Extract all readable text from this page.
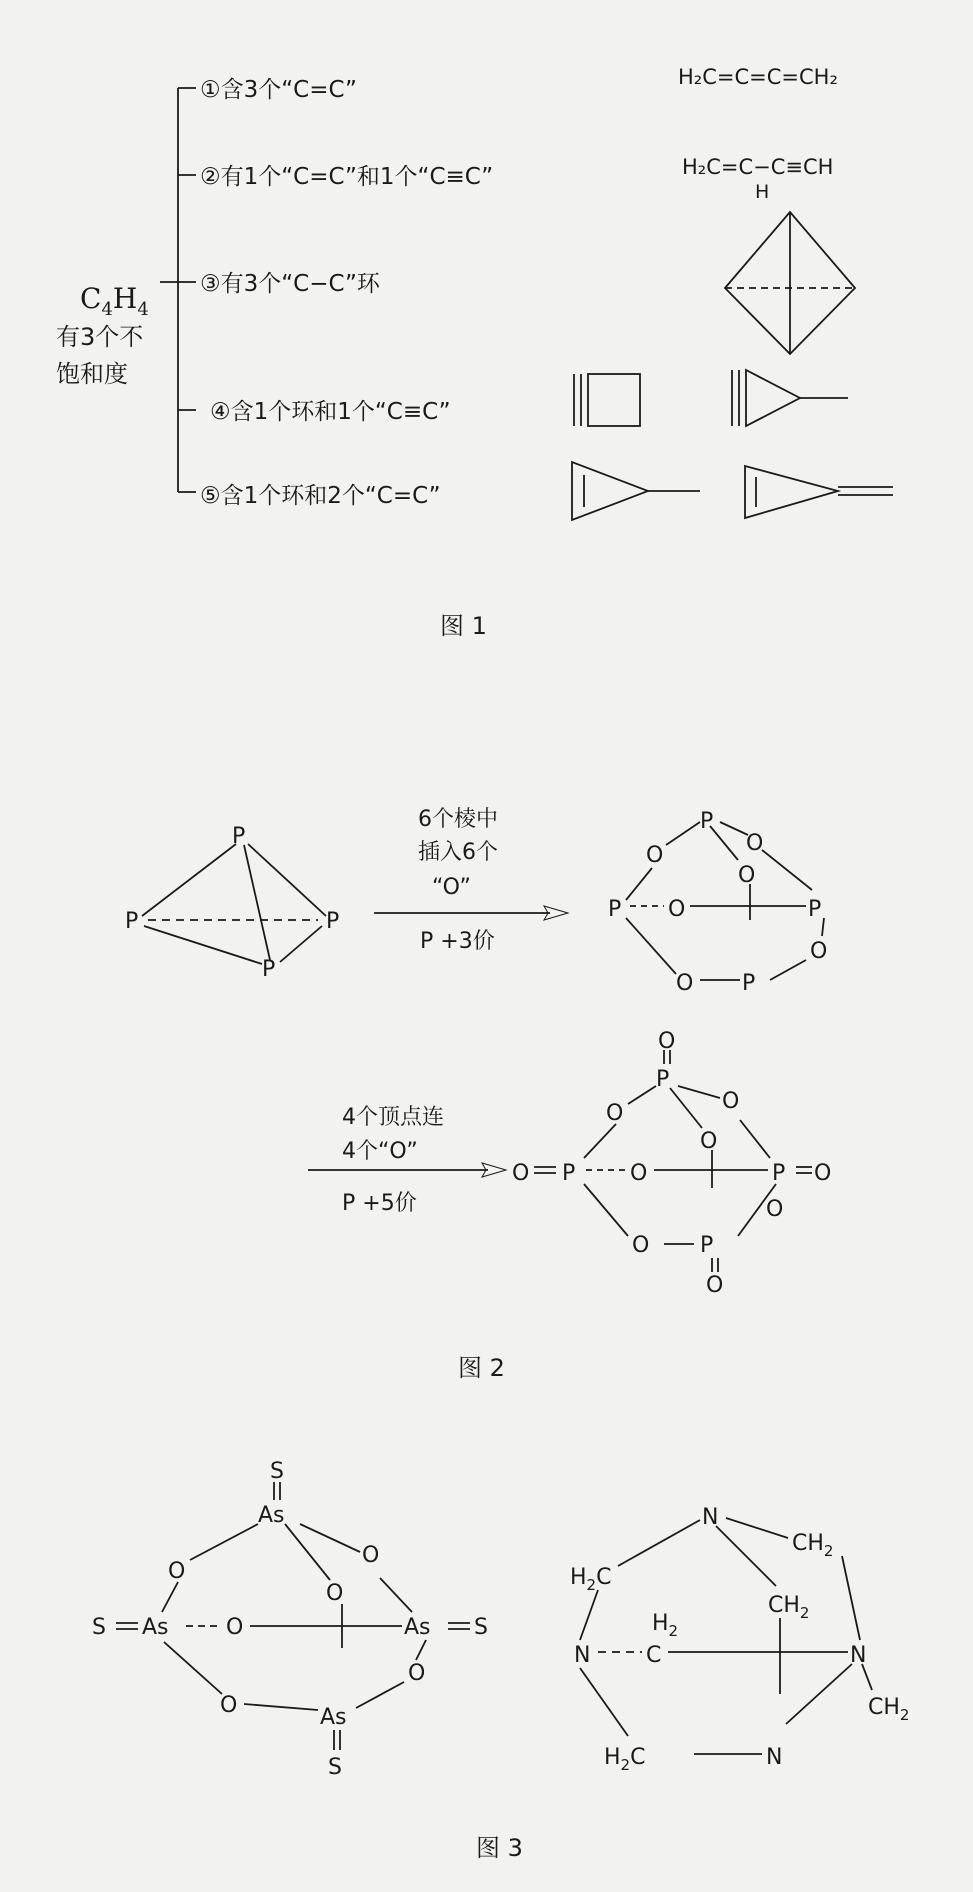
$C_4H_4$
有3个不
饱和度
①含3个“C=C”
②有1个“C=C”和1个“C≡C”
③有3个“C−C”环
④含1个环和1个“C≡C”
⑤含1个环和2个“C=C”
H₂C=C=C=CH₂
H₂C=C−C≡CH
H
图 1
P
P	P
P
6个棱中
插入6个
“O”
P +3价
P
O	O
O
P O	P
O
O P
4个顶点连
4个“O”
P +5价
O
P
O	O
O
O P O	P O
O
O P
O
图 2
S
As
O
O
O
S As	O	As S
O
O	As
S
N
$CH_2$
$H_2C$
$H_2$
$CH_2$
N	C	N
$CH_2$
$H_2C$	N
图 3
